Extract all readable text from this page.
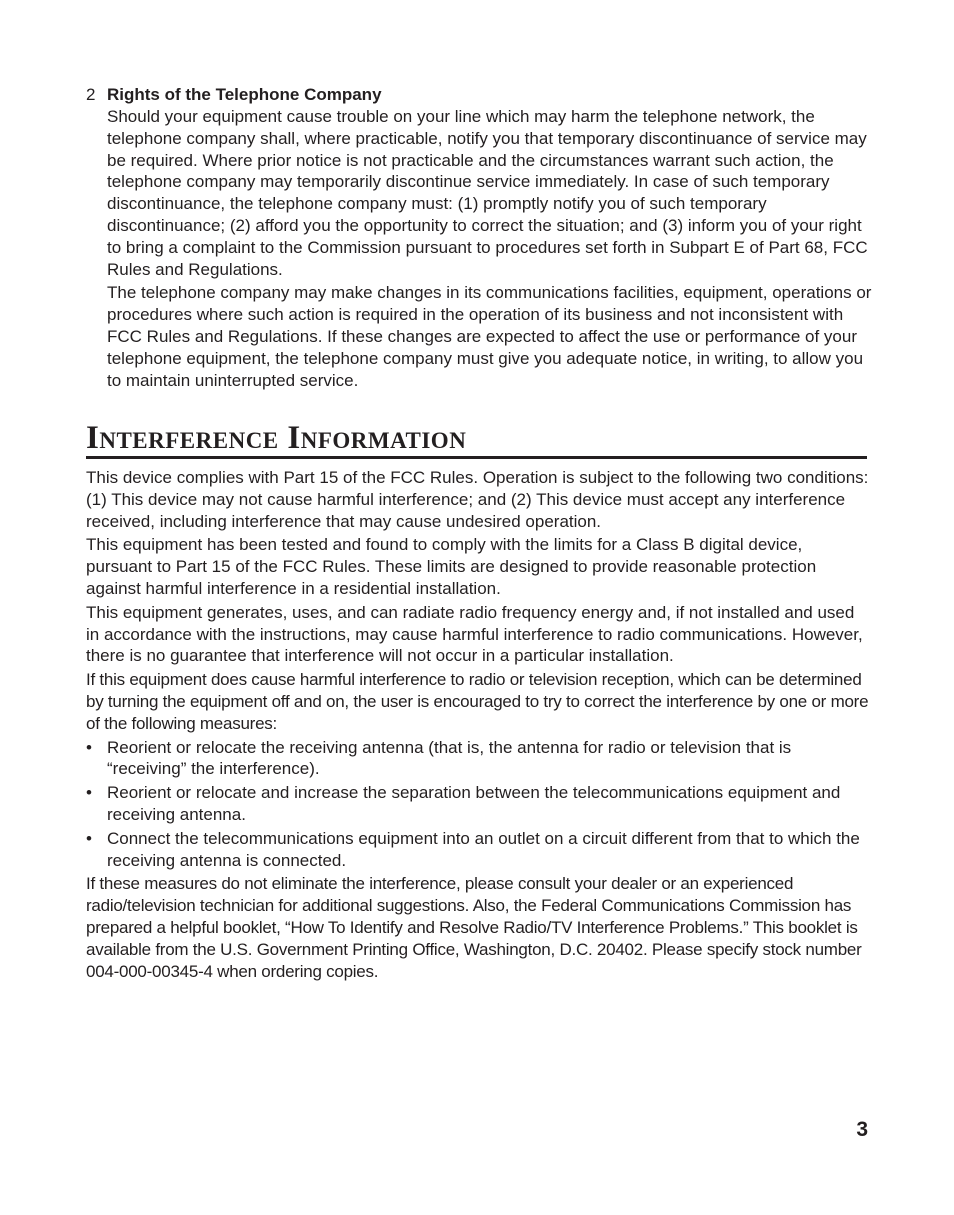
2 Rights of the Telephone Company

Should your equipment cause trouble on your line which may harm the telephone network, the telephone company shall, where practicable, notify you that temporary discontinuance of service may be required. Where prior notice is not practicable and the circumstances warrant such action, the telephone company may temporarily discontinue service immediately. In case of such temporary discontinuance, the telephone company must: (1) promptly notify you of such temporary discontinuance; (2) afford you the opportunity to correct the situation; and (3) inform you of your right to bring a complaint to the Commission pursuant to procedures set forth in Subpart E of Part 68, FCC Rules and Regulations.

The telephone company may make changes in its communications facilities, equipment, operations or procedures where such action is required in the operation of its business and not inconsistent with FCC Rules and Regulations. If these changes are expected to affect the use or performance of your telephone equipment, the telephone company must give you adequate notice, in writing, to allow you to maintain uninterrupted service.

Interference Information

This device complies with Part 15 of the FCC Rules. Operation is subject to the following two conditions: (1) This device may not cause harmful interference; and (2) This device must accept any interference received, including interference that may cause undesired operation.

This equipment has been tested and found to comply with the limits for a Class B digital device, pursuant to Part 15 of the FCC Rules. These limits are designed to provide reasonable protection against harmful interference in a residential installation.

This equipment generates, uses, and can radiate radio frequency energy and, if not installed and used in accordance with the instructions, may cause harmful interference to radio communications. However, there is no guarantee that interference will not occur in a particular installation.

If this equipment does cause harmful interference to radio or television reception, which can be determined by turning the equipment off and on, the user is encouraged to try to correct the interference by one or more of the following measures:

• Reorient or relocate the receiving antenna (that is, the antenna for radio or television that is “receiving” the interference).
• Reorient or relocate and increase the separation between the telecommunications equipment and receiving antenna.
• Connect the telecommunications equipment into an outlet on a circuit different from that to which the receiving antenna is connected.

If these measures do not eliminate the interference, please consult your dealer or an experienced radio/television technician for additional suggestions. Also, the Federal Communications Commission has prepared a helpful booklet, “How To Identify and Resolve Radio/TV Interference Problems.” This booklet is available from the U.S. Government Printing Office, Washington, D.C. 20402. Please specify stock number 004-000-00345-4 when ordering copies.

3
